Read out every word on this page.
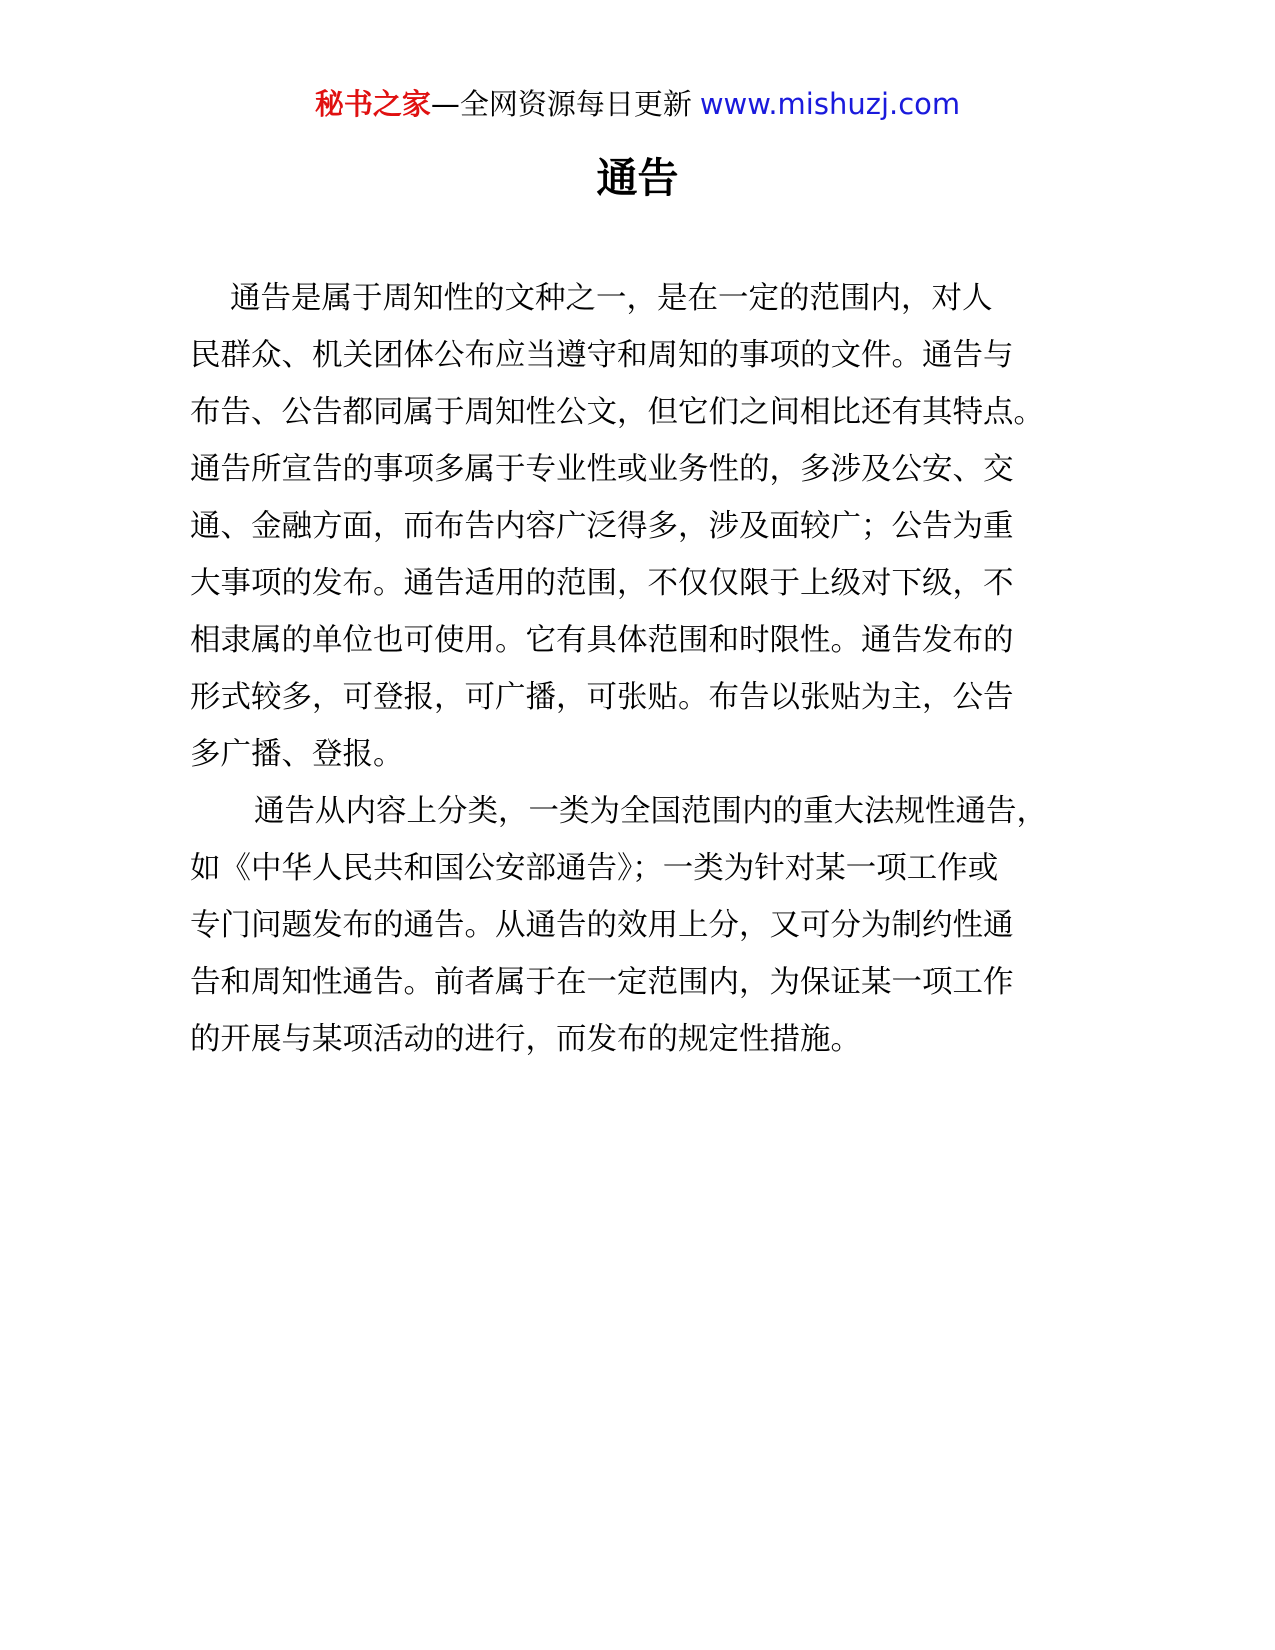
秘书之家—全网资源每日更新 www.mishuzj.com
通告
通告是属于周知性的文种之一，是在一定的范围内，对人
民群众、机关团体公布应当遵守和周知的事项的文件。通告与
布告、公告都同属于周知性公文，但它们之间相比还有其特点。
通告所宣告的事项多属于专业性或业务性的，多涉及公安、交
通、金融方面，而布告内容广泛得多，涉及面较广；公告为重
大事项的发布。通告适用的范围，不仅仅限于上级对下级，不
相隶属的单位也可使用。它有具体范围和时限性。通告发布的
形式较多，可登报，可广播，可张贴。布告以张贴为主，公告
多广播、登报。
通告从内容上分类，一类为全国范围内的重大法规性通告，
如《中华人民共和国公安部通告》；一类为针对某一项工作或
专门问题发布的通告。从通告的效用上分，又可分为制约性通
告和周知性通告。前者属于在一定范围内，为保证某一项工作
的开展与某项活动的进行，而发布的规定性措施。
